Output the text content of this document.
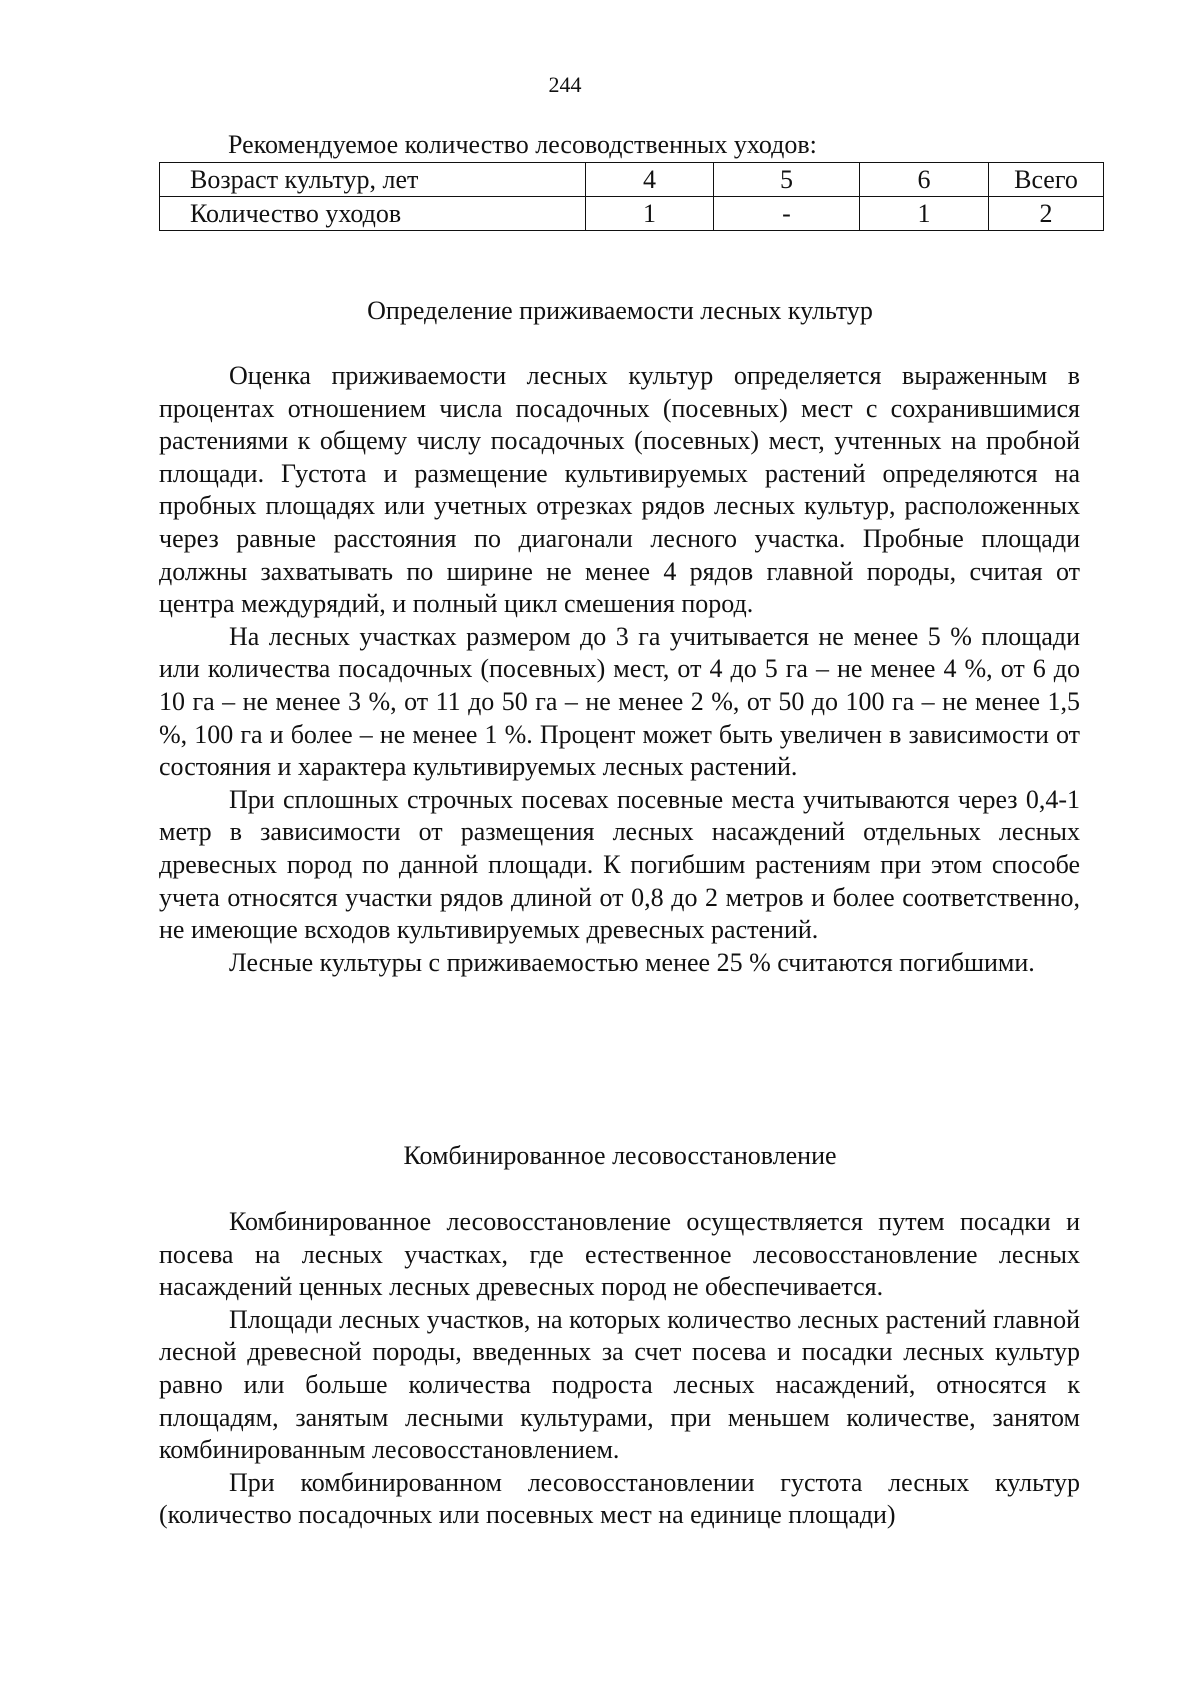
244
Рекомендуемое количество лесоводственных уходов:
Возраст культур, лет	4	5	6	Всего
Количество уходов	1	-	1	2
Определение приживаемости лесных культур

Оценка приживаемости лесных культур определяется выраженным в процентах отношением числа посадочных (посевных) мест с сохранившимися растениями к общему числу посадочных (посевных) мест, учтенных на пробной площади. Густота и размещение культивируемых растений определяются на пробных площадях или учетных отрезках рядов лесных культур, расположенных через равные расстояния по диагонали лесного участка. Пробные площади должны захватывать по ширине не менее 4 рядов главной породы, считая от центра междурядий, и полный цикл смешения пород.

На лесных участках размером до 3 га учитывается не менее 5 % площади или количества посадочных (посевных) мест, от 4 до 5 га – не менее 4 %, от 6 до 10 га – не менее 3 %, от 11 до 50 га – не менее 2 %, от 50 до 100 га – не менее 1,5 %, 100 га и более – не менее 1 %. Процент может быть увеличен в зависимости от состояния и характера культивируемых лесных растений.

При сплошных строчных посевах посевные места учитываются через 0,4-1 метр в зависимости от размещения лесных насаждений отдельных лесных древесных пород по данной площади. К погибшим растениям при этом способе учета относятся участки рядов длиной от 0,8 до 2 метров и более соответственно, не имеющие всходов культивируемых древесных растений.

Лесные культуры с приживаемостью менее 25 % считаются погибшими.

Комбинированное лесовосстановление

Комбинированное лесовосстановление осуществляется путем посадки и посева на лесных участках, где естественное лесовосстановление лесных насаждений ценных лесных древесных пород не обеспечивается.

Площади лесных участков, на которых количество лесных растений главной лесной древесной породы, введенных за счет посева и посадки лесных культур равно или больше количества подроста лесных насаждений, относятся к площадям, занятым лесными культурами, при меньшем количестве, занятом комбинированным лесовосстановлением.

При комбинированном лесовосстановлении густота лесных культур (количество посадочных или посевных мест на единице площади)
